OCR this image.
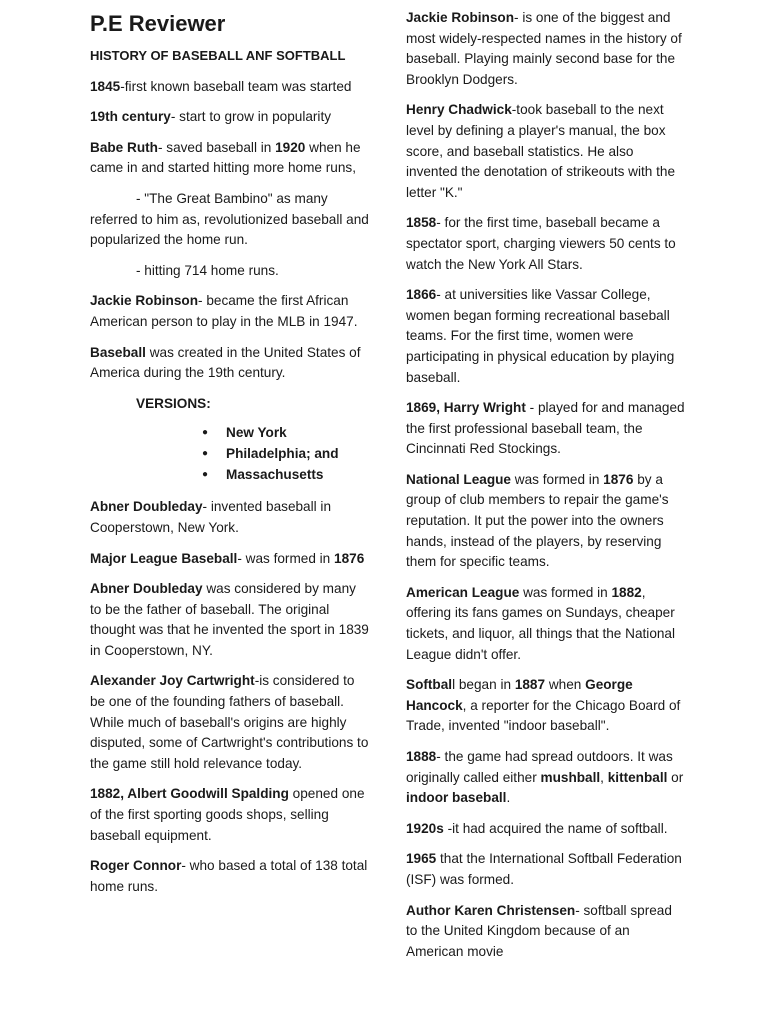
P.E Reviewer
HISTORY OF BASEBALL ANF SOFTBALL

1845-first known baseball team was started

19th century- start to grow in popularity

Babe Ruth- saved baseball in 1920 when he came in and started hitting more home runs,

- "The Great Bambino" as many
referred to him as, revolutionized baseball and popularized the home run.
- hitting 714 home runs.

Jackie Robinson- became the first African American person to play in the MLB in 1947.

Baseball was created in the United States of America during the 19th century.

VERSIONS:
● New York
● Philadelphia; and
● Massachusetts

Abner Doubleday- invented baseball in Cooperstown, New York.

Major League Baseball- was formed in 1876

Abner Doubleday was considered by many to be the father of baseball. The original thought was that he invented the sport in 1839 in Cooperstown, NY.

Alexander Joy Cartwright-is considered to be one of the founding fathers of baseball. While much of baseball's origins are highly disputed, some of Cartwright's contributions to the game still hold relevance today.

1882, Albert Goodwill Spalding opened one of the first sporting goods shops, selling baseball equipment.

Roger Connor- who based a total of 138 total home runs.

Jackie Robinson- is one of the biggest and most widely-respected names in the history of baseball. Playing mainly second base for the Brooklyn Dodgers.

Henry Chadwick-took baseball to the next level by defining a player's manual, the box score, and baseball statistics. He also invented the denotation of strikeouts with the letter "K."

1858- for the first time, baseball became a spectator sport, charging viewers 50 cents to watch the New York All Stars.

1866- at universities like Vassar College, women began forming recreational baseball teams. For the first time, women were participating in physical education by playing baseball.

1869, Harry Wright - played for and managed the first professional baseball team, the Cincinnati Red Stockings.

National League was formed in 1876 by a group of club members to repair the game's reputation. It put the power into the owners hands, instead of the players, by reserving them for specific teams.

American League was formed in 1882, offering its fans games on Sundays, cheaper tickets, and liquor, all things that the National League didn't offer.

Softball began in 1887 when George Hancock, a reporter for the Chicago Board of Trade, invented "indoor baseball".

1888- the game had spread outdoors. It was originally called either mushball, kittenball or indoor baseball.

1920s -it had acquired the name of softball.

1965 that the International Softball Federation (ISF) was formed.

Author Karen Christensen- softball spread to the United Kingdom because of an American movie
